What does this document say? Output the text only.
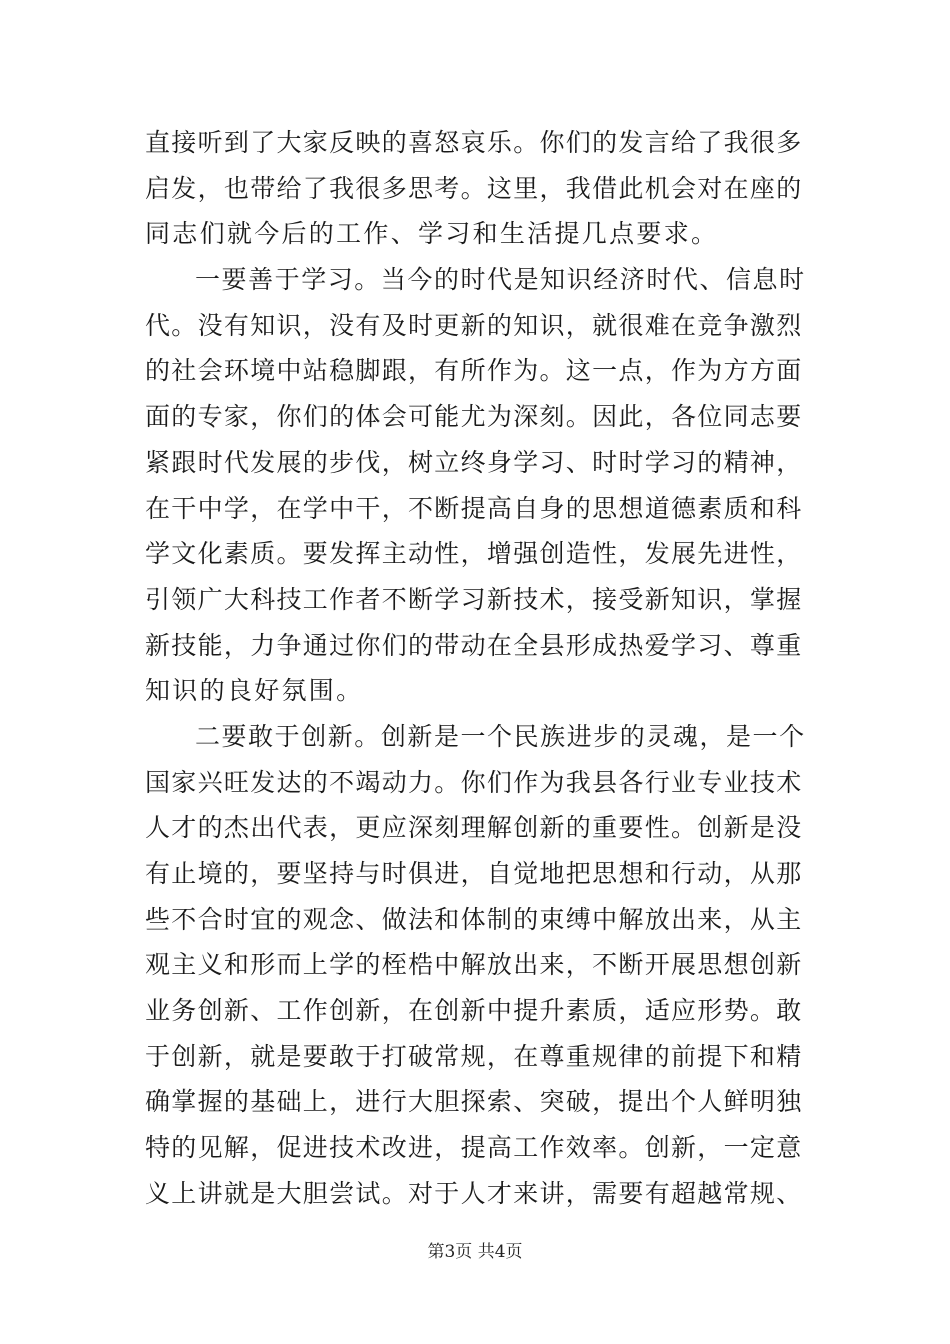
直接听到了大家反映的喜怒哀乐。你们的发言给了我很多
启发，也带给了我很多思考。这里，我借此机会对在座的
同志们就今后的工作、学习和生活提几点要求。
一要善于学习。当今的时代是知识经济时代、信息时
代。没有知识，没有及时更新的知识，就很难在竞争激烈
的社会环境中站稳脚跟，有所作为。这一点，作为方方面
面的专家，你们的体会可能尤为深刻。因此，各位同志要
紧跟时代发展的步伐，树立终身学习、时时学习的精神，
在干中学，在学中干，不断提高自身的思想道德素质和科
学文化素质。要发挥主动性，增强创造性，发展先进性，
引领广大科技工作者不断学习新技术，接受新知识，掌握
新技能，力争通过你们的带动在全县形成热爱学习、尊重
知识的良好氛围。
二要敢于创新。创新是一个民族进步的灵魂，是一个
国家兴旺发达的不竭动力。你们作为我县各行业专业技术
人才的杰出代表，更应深刻理解创新的重要性。创新是没
有止境的，要坚持与时俱进，自觉地把思想和行动，从那
些不合时宜的观念、做法和体制的束缚中解放出来，从主
观主义和形而上学的桎梏中解放出来，不断开展思想创新
业务创新、工作创新，在创新中提升素质，适应形势。敢
于创新，就是要敢于打破常规，在尊重规律的前提下和精
确掌握的基础上，进行大胆探索、突破，提出个人鲜明独
特的见解，促进技术改进，提高工作效率。创新，一定意
义上讲就是大胆尝试。对于人才来讲，需要有超越常规、
第3页 共4页
